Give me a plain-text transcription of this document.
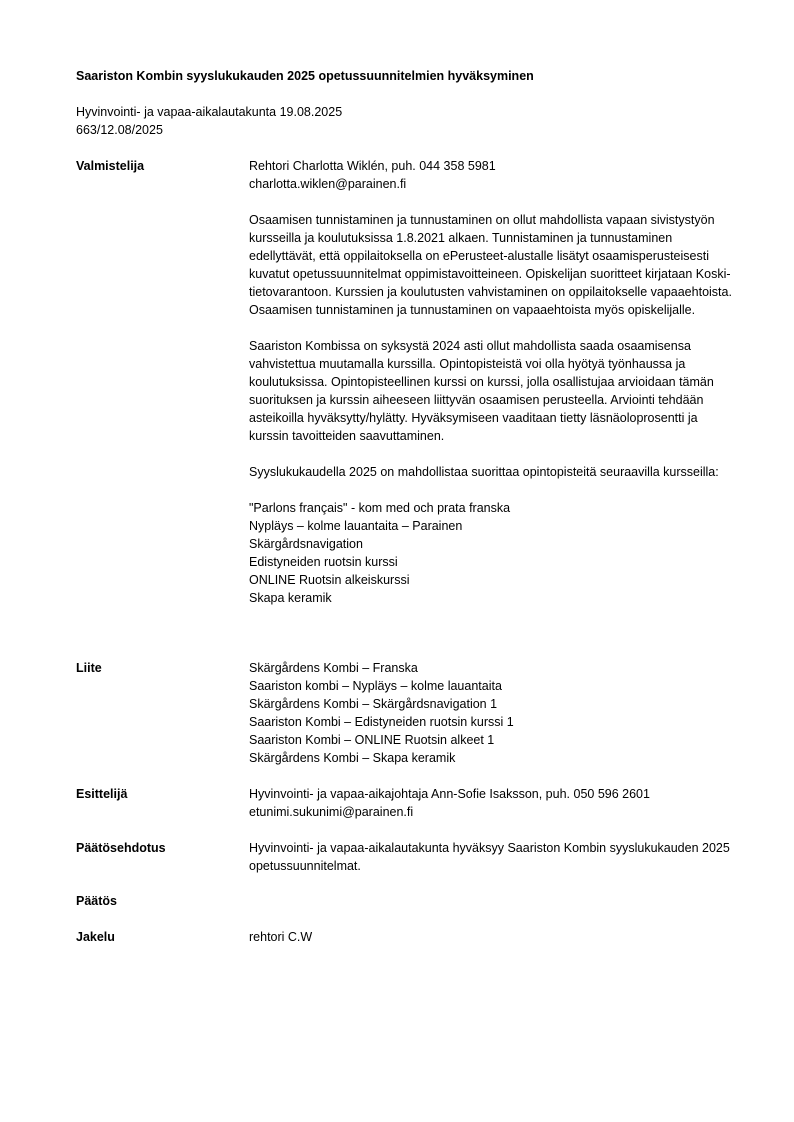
Saariston Kombin syyslukukauden 2025 opetussuunnitelmien hyväksyminen
Hyvinvointi- ja vapaa-aikalautakunta 19.08.2025
663/12.08/2025
Valmistelija	Rehtori Charlotta Wiklén, puh. 044 358 5981
charlotta.wiklen@parainen.fi

Osaamisen tunnistaminen ja tunnustaminen on ollut mahdollista vapaan sivistystyön kursseilla ja koulutuksissa 1.8.2021 alkaen. Tunnistaminen ja tunnustaminen edellyttävät, että oppilaitoksella on ePerusteet-alustalle lisätyt osaamisperusteisesti kuvatut opetussuunnitelmat oppimistavoitteineen. Opiskelijan suoritteet kirjataan Koski-tietovarantoon. Kurssien ja koulutusten vahvistaminen on oppilaitokselle vapaaehtoista. Osaamisen tunnistaminen ja tunnustaminen on vapaaehtoista myös opiskelijalle.

Saariston Kombissa on syksystä 2024 asti ollut mahdollista saada osaamisensa vahvistettua muutamalla kurssilla. Opintopisteistä voi olla hyötyä työnhaussa ja koulutuksissa. Opintopisteellinen kurssi on kurssi, jolla osallistujaa arvioidaan tämän suorituksen ja kurssin aiheeseen liittyvän osaamisen perusteella. Arviointi tehdään asteikoilla hyväksytty/hylätty. Hyväksymiseen vaaditaan tietty läsnäoloprosentti ja kurssin tavoitteiden saavuttaminen.

Syyslukukaudella 2025 on mahdollistaa suorittaa opintopisteitä seuraavilla kursseilla:

"Parlons français" - kom med och prata franska
Nypläys – kolme lauantaita – Parainen
Skärgårdsnavigation
Edistyneiden ruotsin kurssi
ONLINE Ruotsin alkeiskurssi
Skapa keramik
Liite	Skärgårdens Kombi – Franska
Saariston kombi – Nypläys – kolme lauantaita
Skärgårdens Kombi – Skärgårdsnavigation 1
Saariston Kombi – Edistyneiden ruotsin kurssi 1
Saariston Kombi – ONLINE Ruotsin alkeet 1
Skärgårdens Kombi – Skapa keramik
Esittelijä	Hyvinvointi- ja vapaa-aikajohtaja Ann-Sofie Isaksson, puh. 050 596 2601
etunimi.sukunimi@parainen.fi
Päätösehdotus	Hyvinvointi- ja vapaa-aikalautakunta hyväksyy Saariston Kombin syyslukukauden 2025 opetussuunnitelmat.
Päätös
Jakelu	rehtori C.W
